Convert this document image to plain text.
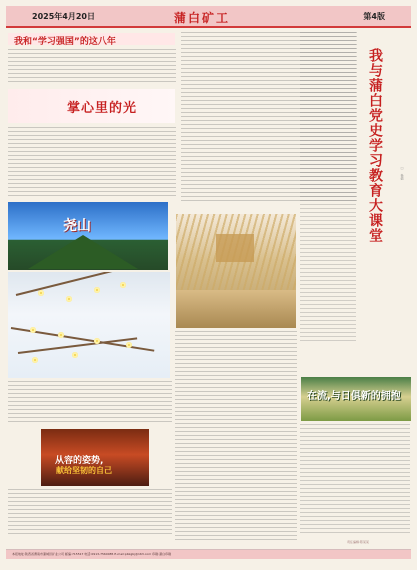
2025年4月20日	蒲白矿工	第4版
我和“学习强国”的这八年
掌心里的光
尧山	我与蒲白党史学习教育大课堂	□ 杨娟
从容的姿势,
献给坚韧的自己
在流,与日俱新的拥抱
责任编辑:陈某某
本报地址:陕西省渭南市蒲城县矿业公司 邮编:715517 电话:0913-7560085 E-mail:pbkgbj@163.com 印刷:蒲白印刷
